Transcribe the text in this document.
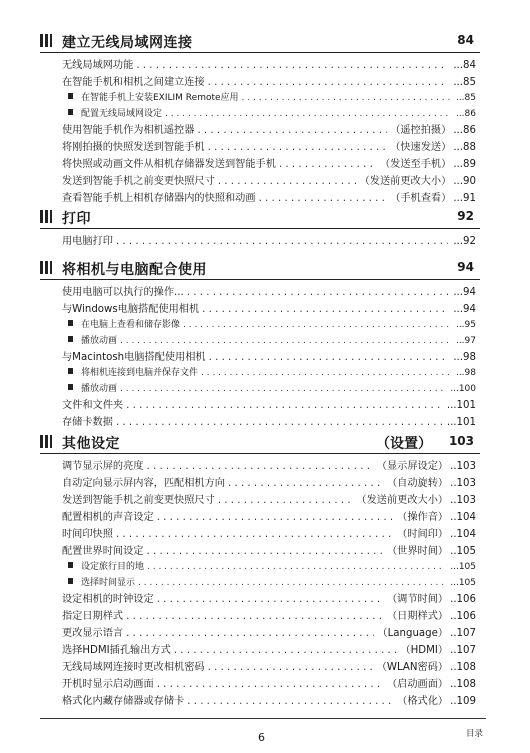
建立无线局域网连接	84
无线局域网功能 . . .	...84
在智能手机和相机之间建立连接 . . .	...85
在智能手机上安装EXILIM Remote应用 . . .	...85
配置无线局域网设定 . . .	...86
使用智能手机作为相机遥控器 . . .	（遥控拍摄） ...86
将刚拍摄的快照发送到智能手机 . . .	（快速发送） ...88
将快照或动画文件从相机存储器发送到智能手机 . . .	（发送至手机） ...89
发送到智能手机之前变更快照尺寸 . . .	（发送前更改大小） ...90
查看智能手机上相机存储器内的快照和动画 . . .	（手机查看） ...91
打印	92
用电脑打印 . . .	...92
将相机与电脑配合使用	94
使用电脑可以执行的操作... . . .	...94
与Windows电脑搭配使用相机 . . .	...94
在电脑上查看和储存影像 . . .	...95
播放动画 . . .	...97
与Macintosh电脑搭配使用相机 . . .	...98
将相机连接到电脑并保存文件 . . .	...98
播放动画 . . .	...100
文件和文件夹 . . .	...101
存储卡数据 . . .	...101
其他设定	（设置） 103
调节显示屏的亮度 . . .	（显示屏设定） ..103
自动定向显示屏内容，匹配相机方向 . . .	（自动旋转） ..103
发送到智能手机之前变更快照尺寸 . . .	（发送前更改大小） ..103
配置相机的声音设定 . . .	（操作音） ..104
时间印快照 . . .	（时间印） ..104
配置世界时间设定 . . .	（世界时间） ..105
设定旅行目的地 . . .	...105
选择时间显示 . . .	...105
设定相机的时钟设定 . . .	（调节时间） ..106
指定日期样式 . . .	（日期样式） ..106
更改显示语言 . . .	（Language） ..107
选择HDMI插孔输出方式 . . .	（HDMI） ..107
无线局域网连接时更改相机密码 . . .	（WLAN密码） ..108
开机时显示启动画面 . . .	（启动画面） ..108
格式化内藏存储器或存储卡 . . .	（格式化） ..109
6	目录
